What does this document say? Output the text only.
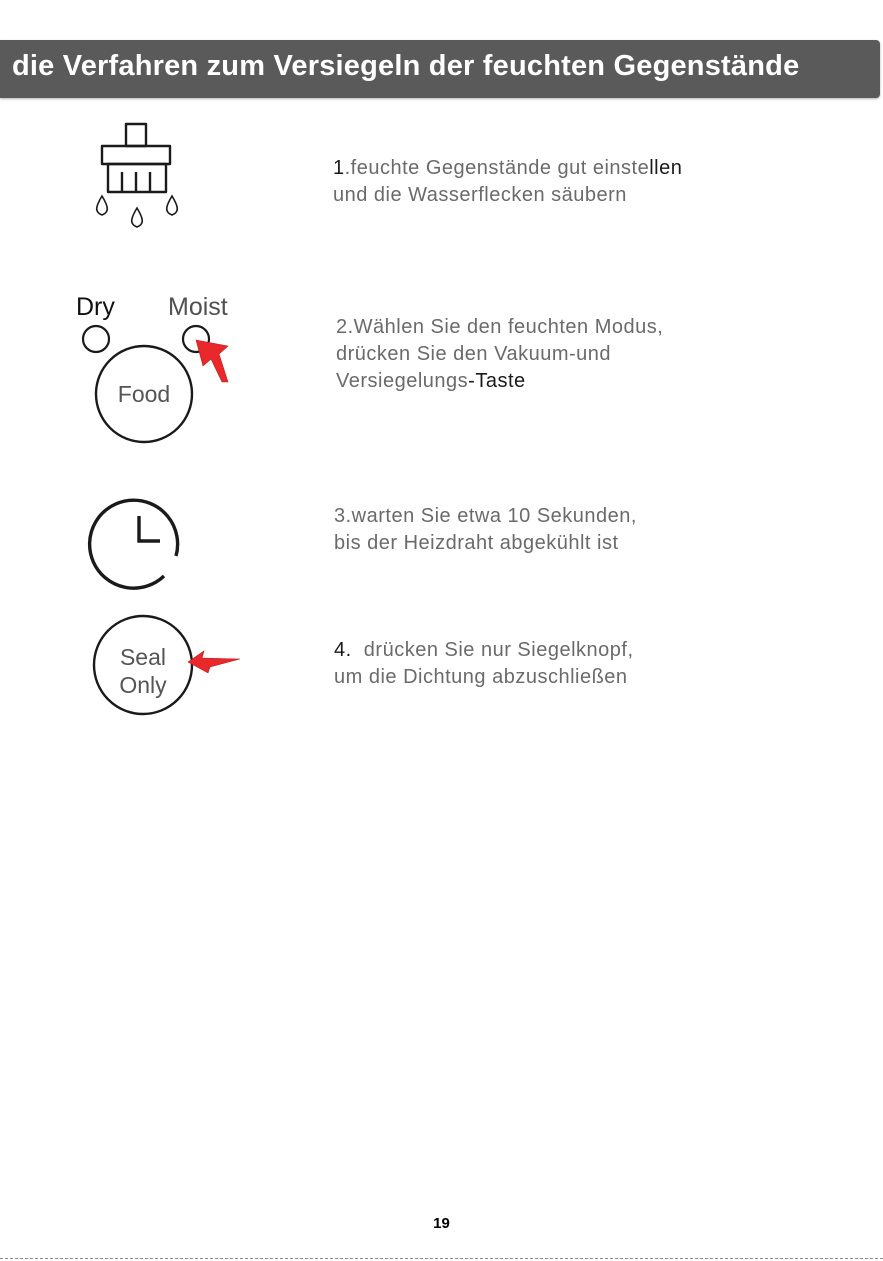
die Verfahren zum Versiegeln der feuchten Gegenstände
1.feuchte Gegenstände gut einstellen
und die Wasserflecken säubern
Dry Moist
Food
2.Wählen Sie den feuchten Modus,
drücken Sie den Vakuum-und
Versiegelungs-Taste
3.warten Sie etwa 10 Sekunden,
bis der Heizdraht abgekühlt ist
Seal
Only
4.  drücken Sie nur Siegelknopf,
um die Dichtung abzuschließen
19
